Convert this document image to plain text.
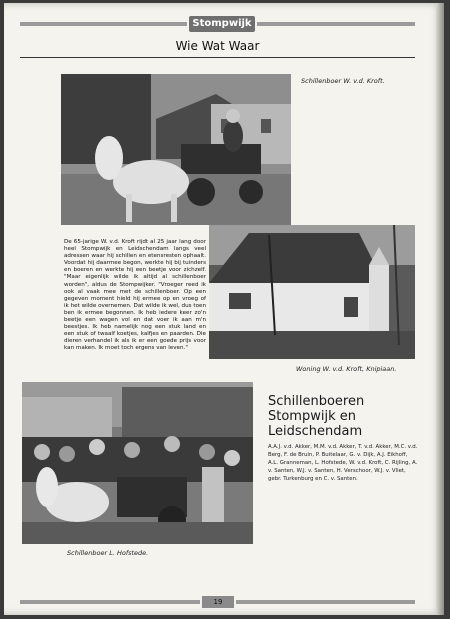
Stompwijk
Wie Wat Waar
Schillenboer W. v.d. Kroft.
De 65-jarige W. v.d. Kroft rijdt al 25 jaar lang door heel Stompwijk en Leidschendam langs veel adressen waar hij schillen en etensresten ophaalt. Voordat hij daarmee begon, werkte hij bij tuinders en boeren en werkte hij een beetje voor zichzelf. "Maar eigenlijk wilde ik altijd al schillenboer worden", aldus de Stompwijker. "Vroeger reed ik ook al vaak mee met de schillenboer. Op een gegeven moment hield hij ermee op en vroeg of ik het wilde overnemen. Dat wilde ik wel, dus toen ben ik ermee begonnen. Ik heb iedere keer zo'n beetje een wagen vol en dat voer ik aan m'n beestjes. Ik heb namelijk nog een stuk land en een stuk of twaalf koetjes, kalfjes en paarden. Die dieren verhandel ik als ik er een goede prijs voor kan maken. Ik moet toch ergens van leven."
Woning W. v.d. Kroft, Knipiaan.
Schillenboer L. Hofstede.
Schillenboeren
Stompwijk en
Leidschendam
A.A.J. v.d. Akker, M.M. v.d. Akker, T. v.d. Akker, M.C. v.d. Berg, F. de Bruin, P. Buitelaar, G. v. Dijk, A.J. Eikhoff, A.L. Granneman, L. Hofstede, W. v.d. Kroft, C. Rijling, A. v. Santen, W.J. v. Santen, H. Verschoor, W.J. v. Vliet, gebr. Turkenburg en C. v. Santen.
19
